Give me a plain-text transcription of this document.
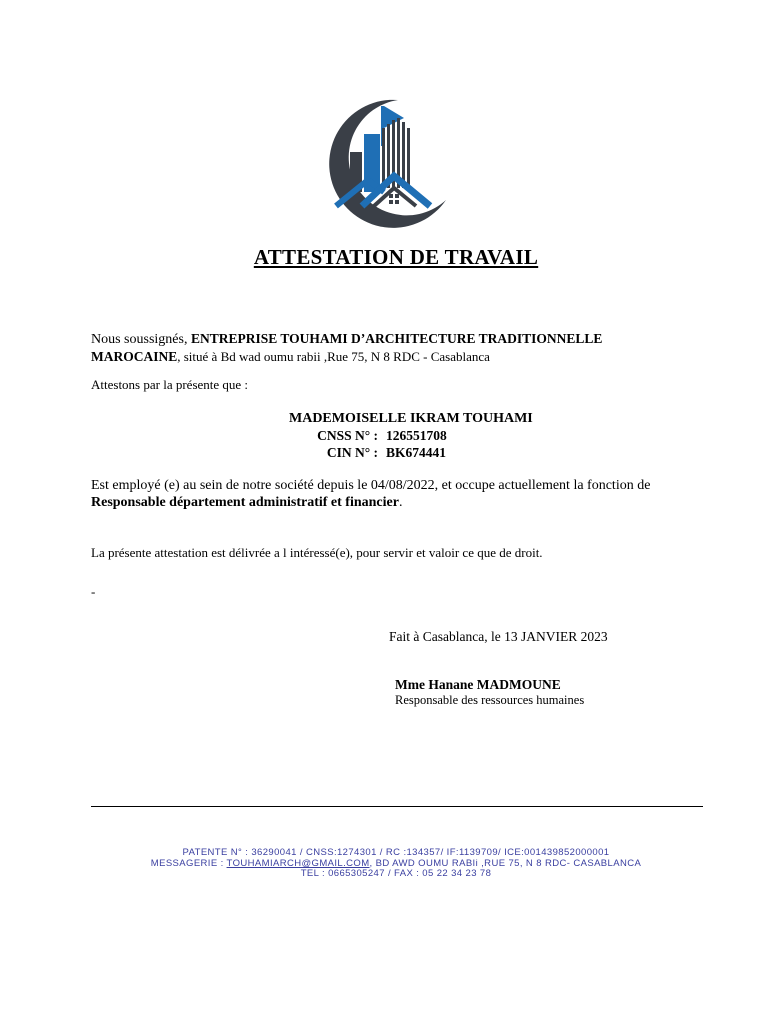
ATTESTATION DE TRAVAIL
Nous soussignés, ENTREPRISE TOUHAMI D’ARCHITECTURE TRADITIONNELLE
MAROCAINE, situé à Bd wad oumu rabii ,Rue 75, N 8 RDC - Casablanca
Attestons par la présente que :
MADEMOISELLE IKRAM TOUHAMI
CNSS N° : 126551708
CIN N° : BK674441
Est employé (e) au sein de notre société depuis le 04/08/2022, et occupe actuellement la fonction de Responsable département administratif et financier.
La présente attestation est délivrée a l intéressé(e), pour servir et valoir ce que de droit.
-
Fait à Casablanca, le 13 JANVIER 2023
Mme Hanane MADMOUNE
Responsable des ressources humaines
PATENTE N° : 36290041 / CNSS:1274301 / RC :134357/ IF:1139709/ ICE:001439852000001
MESSAGERIE : TOUHAMIARCH@GMAIL.COM, BD AWD OUMU RABIi ,RUE 75, N 8 RDC- CASABLANCA
TEL : 0665305247 / FAX : 05 22 34 23 78
